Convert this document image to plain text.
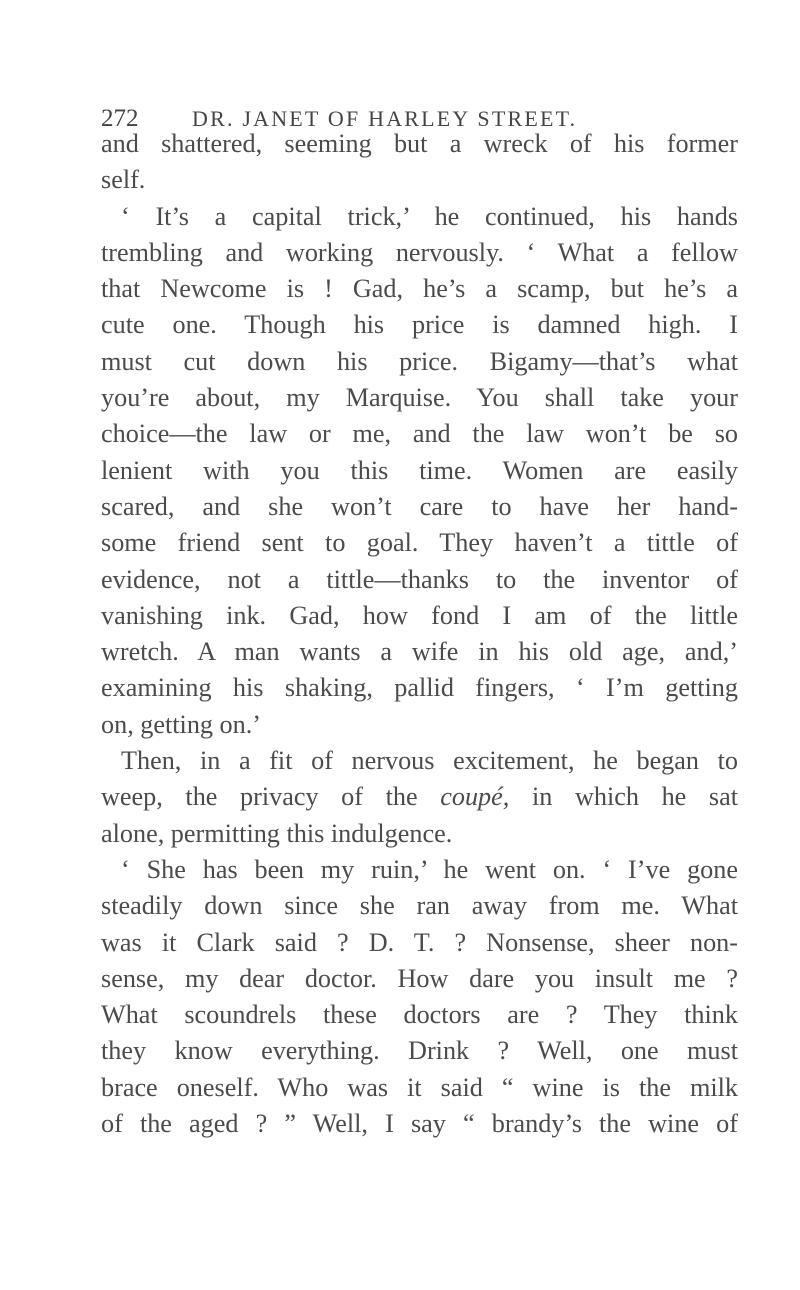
272 DR. JANET OF HARLEY STREET.
and shattered, seeming but a wreck of his former
self.
‘ It’s a capital trick,’ he continued, his hands
trembling and working nervously. ‘ What a fellow
that Newcome is ! Gad, he’s a scamp, but he’s a
cute one. Though his price is damned high. I
must cut down his price. Bigamy—that’s what
you’re about, my Marquise. You shall take your
choice—the law or me, and the law won’t be so
lenient with you this time. Women are easily
scared, and she won’t care to have her hand-
some friend sent to goal. They haven’t a tittle of
evidence, not a tittle—thanks to the inventor of
vanishing ink. Gad, how fond I am of the little
wretch. A man wants a wife in his old age, and,’
examining his shaking, pallid fingers, ‘ I’m getting
on, getting on.’
Then, in a fit of nervous excitement, he began to
weep, the privacy of the coupé, in which he sat
alone, permitting this indulgence.
‘ She has been my ruin,’ he went on. ‘ I’ve gone
steadily down since she ran away from me. What
was it Clark said ? D. T. ? Nonsense, sheer non-
sense, my dear doctor. How dare you insult me ?
What scoundrels these doctors are ? They think
they know everything. Drink ? Well, one must
brace oneself. Who was it said “ wine is the milk
of the aged ? ” Well, I say “ brandy’s the wine of
